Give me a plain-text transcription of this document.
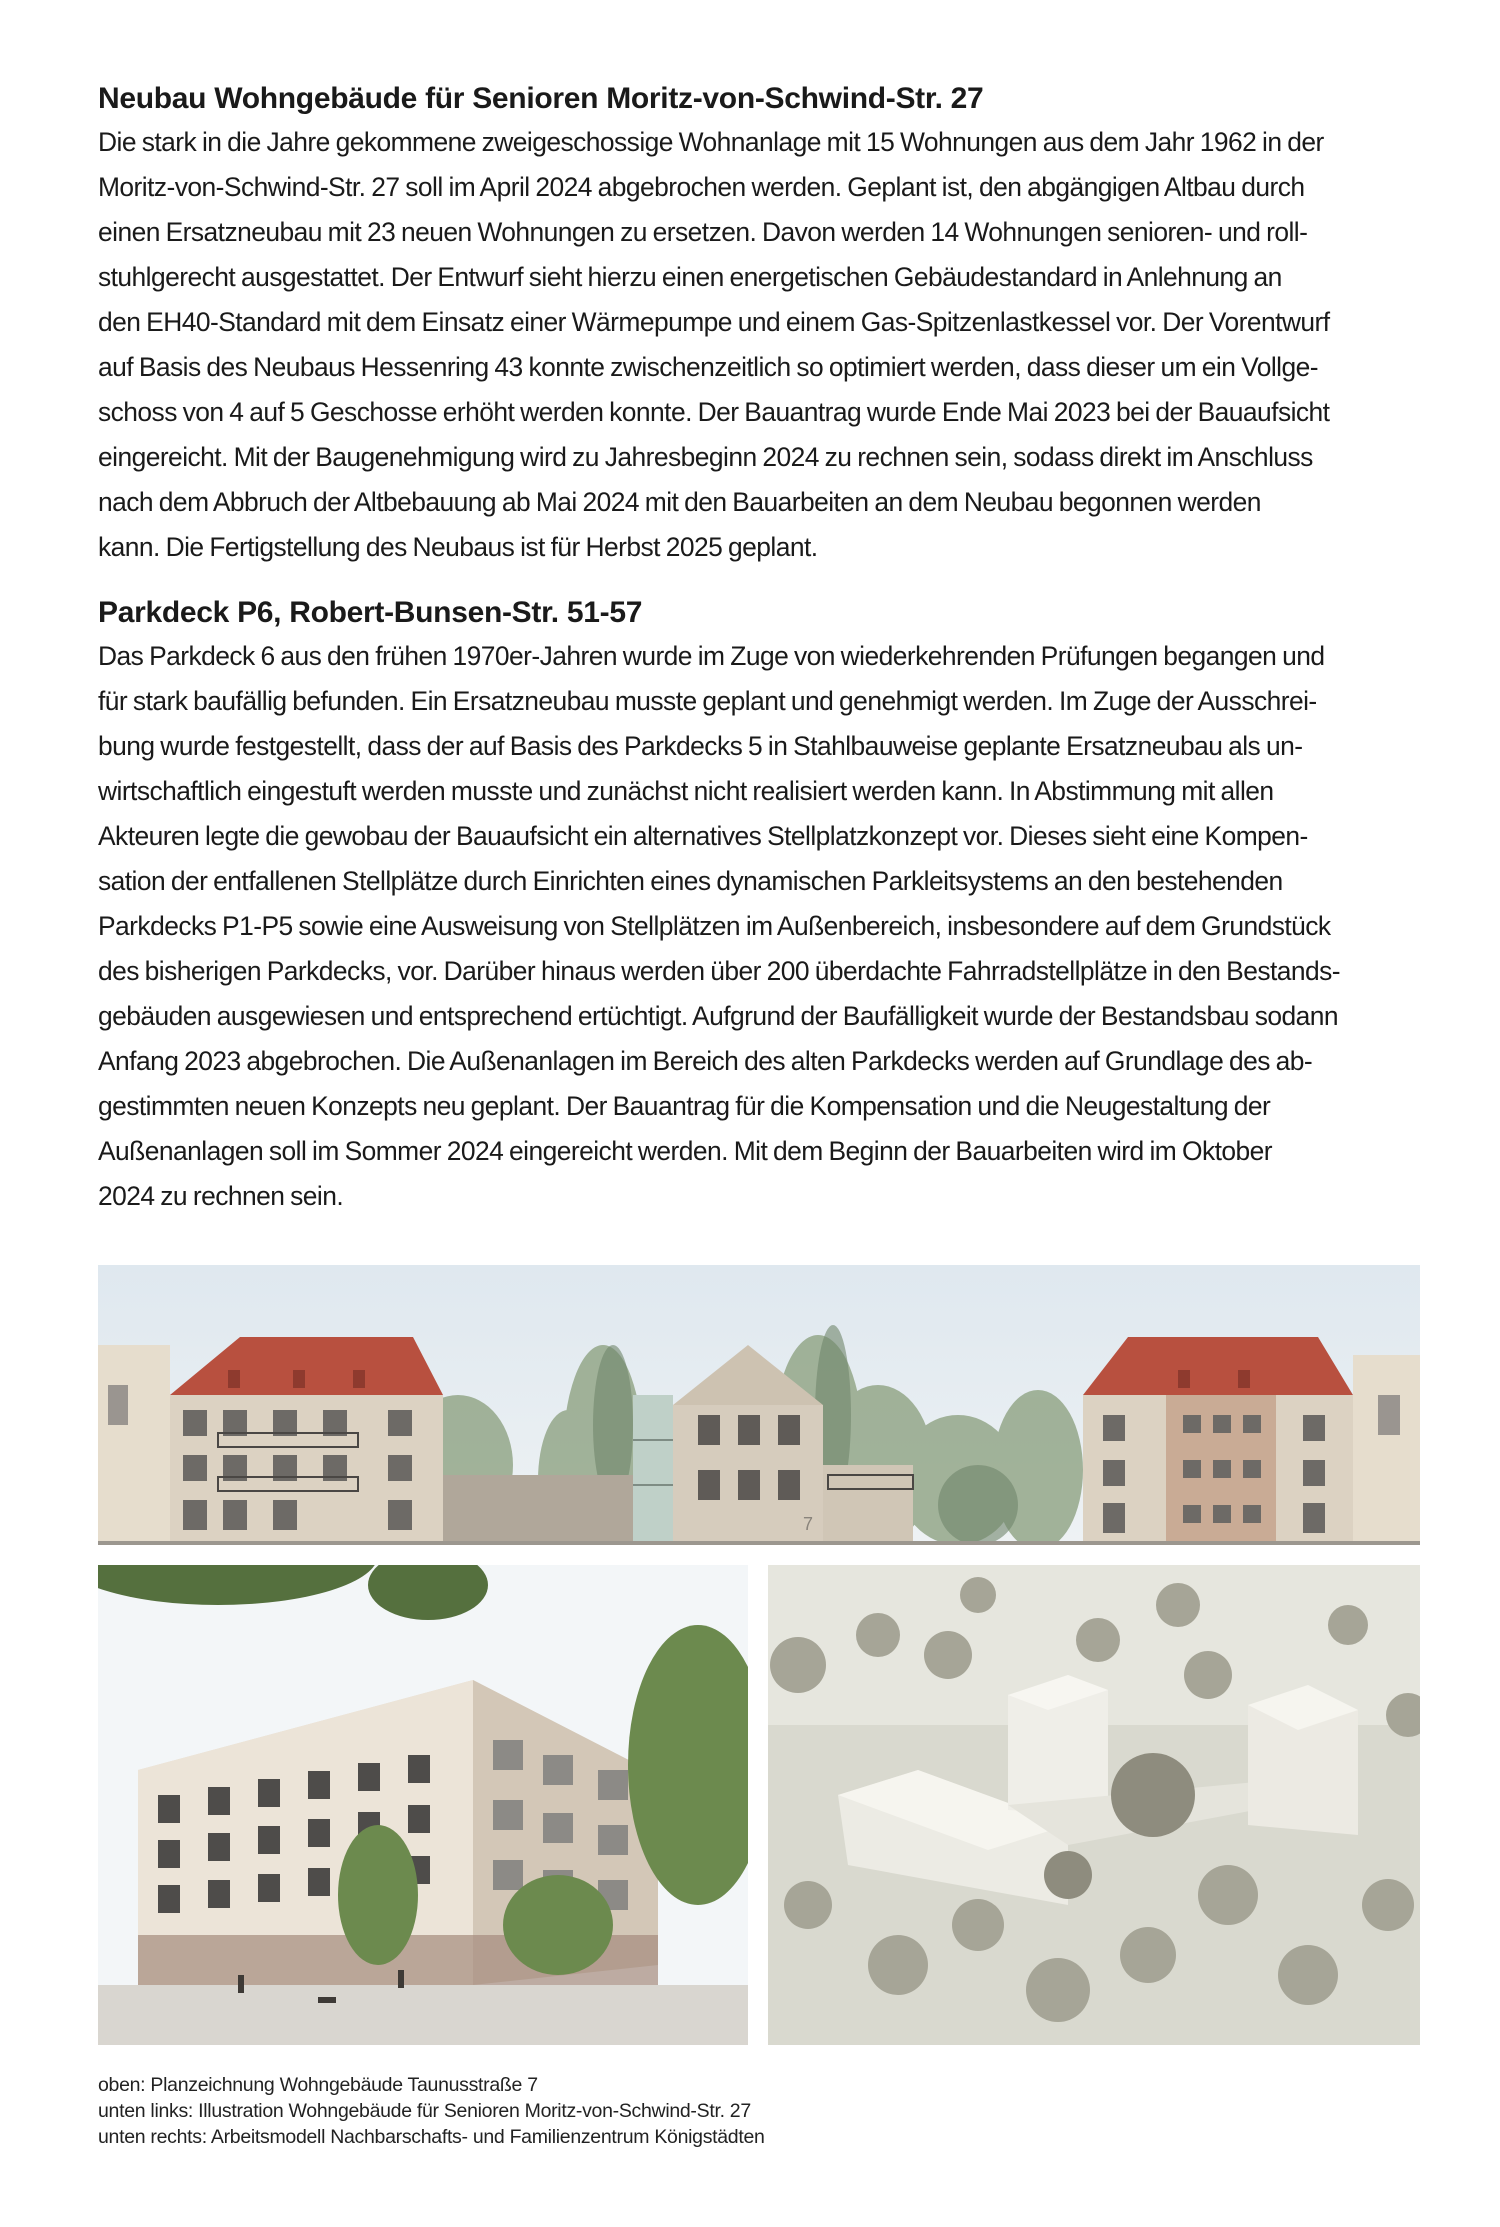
Neubau Wohngebäude für Senioren Moritz-von-Schwind-Str. 27

Die stark in die Jahre gekommene zweigeschossige Wohnanlage mit 15 Wohnungen aus dem Jahr 1962 in der
Moritz-von-Schwind-Str. 27 soll im April 2024 abgebrochen werden. Geplant ist, den abgängigen Altbau durch
einen Ersatzneubau mit 23 neuen Wohnungen zu ersetzen. Davon werden 14 Wohnungen senioren- und roll-
stuhlgerecht ausgestattet. Der Entwurf sieht hierzu einen energetischen Gebäudestandard in Anlehnung an
den EH40-Standard mit dem Einsatz einer Wärmepumpe und einem Gas-Spitzenlastkessel vor. Der Vorentwurf
auf Basis des Neubaus Hessenring 43 konnte zwischenzeitlich so optimiert werden, dass dieser um ein Vollge-
schoss von 4 auf 5 Geschosse erhöht werden konnte. Der Bauantrag wurde Ende Mai 2023 bei der Bauaufsicht
eingereicht. Mit der Baugenehmigung wird zu Jahresbeginn 2024 zu rechnen sein, sodass direkt im Anschluss
nach dem Abbruch der Altbebauung ab Mai 2024 mit den Bauarbeiten an dem Neubau begonnen werden
kann. Die Fertigstellung des Neubaus ist für Herbst 2025 geplant.

Parkdeck P6, Robert-Bunsen-Str. 51-57

Das Parkdeck 6 aus den frühen 1970er-Jahren wurde im Zuge von wiederkehrenden Prüfungen begangen und
für stark baufällig befunden. Ein Ersatzneubau musste geplant und genehmigt werden. Im Zuge der Ausschrei-
bung wurde festgestellt, dass der auf Basis des Parkdecks 5 in Stahlbauweise geplante Ersatzneubau als un-
wirtschaftlich eingestuft werden musste und zunächst nicht realisiert werden kann. In Abstimmung mit allen
Akteuren legte die gewobau der Bauaufsicht ein alternatives Stellplatzkonzept vor. Dieses sieht eine Kompen-
sation der entfallenen Stellplätze durch Einrichten eines dynamischen Parkleitsystems an den bestehenden
Parkdecks P1-P5 sowie eine Ausweisung von Stellplätzen im Außenbereich, insbesondere auf dem Grundstück
des bisherigen Parkdecks, vor. Darüber hinaus werden über 200 überdachte Fahrradstellplätze in den Bestands-
gebäuden ausgewiesen und entsprechend ertüchtigt. Aufgrund der Baufälligkeit wurde der Bestandsbau sodann
Anfang 2023 abgebrochen. Die Außenanlagen im Bereich des alten Parkdecks werden auf Grundlage des ab-
gestimmten neuen Konzepts neu geplant. Der Bauantrag für die Kompensation und die Neugestaltung der
Außenanlagen soll im Sommer 2024 eingereicht werden. Mit dem Beginn der Bauarbeiten wird im Oktober
2024 zu rechnen sein.

7

oben: Planzeichnung Wohngebäude Taunusstraße 7

unten links: Illustration Wohngebäude für Senioren Moritz-von-Schwind-Str. 27

unten rechts: Arbeitsmodell Nachbarschafts- und Familienzentrum Königstädten
